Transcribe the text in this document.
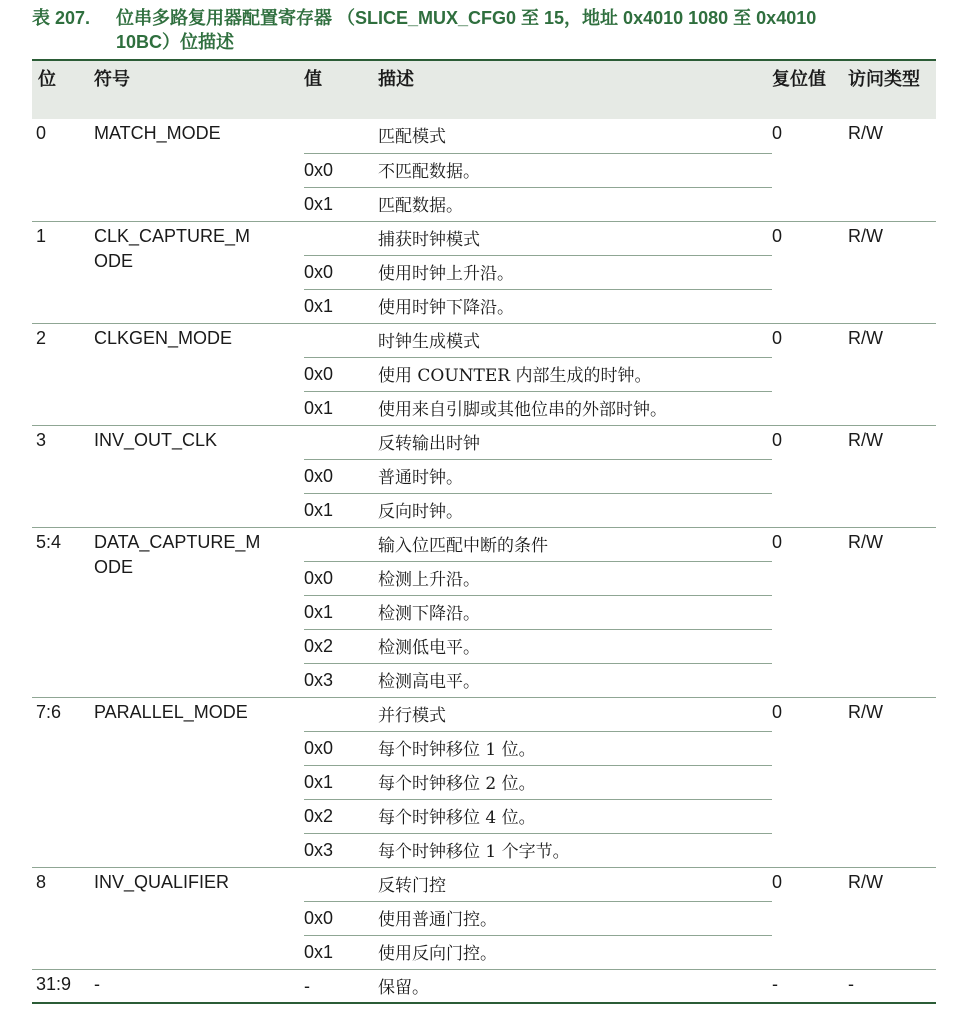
表 207. 位串多路复用器配置寄存器 （SLICE_MUX_CFG0 至 15，地址 0x4010 1080 至 0x4010
10BC）位描述
位	符号	值	描述	复位值	访问类型
0	MATCH_MODE		匹配模式	0	R/W
		0x0	不匹配数据。		
		0x1	匹配数据。		
1	CLK_CAPTURE_MODE		捕获时钟模式	0	R/W
		0x0	使用时钟上升沿。		
		0x1	使用时钟下降沿。		
2	CLKGEN_MODE		时钟生成模式	0	R/W
		0x0	使用 COUNTER 内部生成的时钟。		
		0x1	使用来自引脚或其他位串的外部时钟。		
3	INV_OUT_CLK		反转输出时钟	0	R/W
		0x0	普通时钟。		
		0x1	反向时钟。		
5:4	DATA_CAPTURE_MODE		输入位匹配中断的条件	0	R/W
		0x0	检测上升沿。		
		0x1	检测下降沿。		
		0x2	检测低电平。		
		0x3	检测高电平。		
7:6	PARALLEL_MODE		并行模式	0	R/W
		0x0	每个时钟移位 1 位。		
		0x1	每个时钟移位 2 位。		
		0x2	每个时钟移位 4 位。		
		0x3	每个时钟移位 1 个字节。		
8	INV_QUALIFIER		反转门控	0	R/W
		0x0	使用普通门控。		
		0x1	使用反向门控。		
31:9	-	-	保留。	-	-
